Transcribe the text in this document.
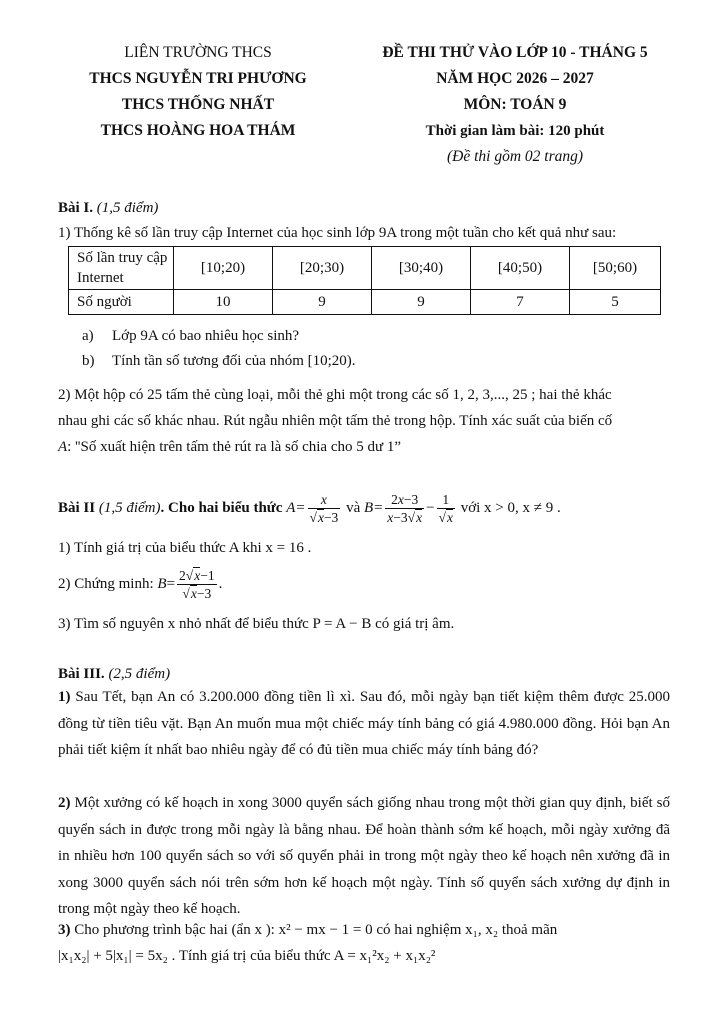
LIÊN TRƯỜNG THCS
THCS NGUYỄN TRI PHƯƠNG
THCS THỐNG NHẤT
THCS HOÀNG HOA THÁM
ĐỀ THI THỬ VÀO LỚP 10 - THÁNG 5
NĂM HỌC 2026 – 2027
MÔN: TOÁN 9
Thời gian làm bài: 120 phút
(Đề thi gồm 02 trang)
Bài I. (1,5 điểm)
1) Thống kê số lần truy cập Internet của học sinh lớp 9A trong một tuần cho kết quả như sau:
Số lần truy cập Internet	[10;20)	[20;30)	[30;40)	[40;50)	[50;60)
Số người	10	9	9	7	5
a) Lớp 9A có bao nhiêu học sinh?
b) Tính tần số tương đối của nhóm [10;20).
2) Một hộp có 25 tấm thẻ cùng loại, mỗi thẻ ghi một trong các số 1, 2, 3,..., 25 ; hai thẻ khác
nhau ghi các số khác nhau. Rút ngẫu nhiên một tấm thẻ trong hộp. Tính xác suất của biến cố
A: ''Số xuất hiện trên tấm thẻ rút ra là số chia cho 5 dư 1”
Bài II (1,5 điểm). Cho hai biểu thức $A= \frac{x}{√x-3}$ và $B= \frac{2x-3}{x-3√x} - \frac{1}{√x}$ với x > 0, x ≠ 9 .
1) Tính giá trị của biểu thức A khi x = 16 .
2) Chứng minh: $B= \frac{2√x-1}{√x-3}$ .
3) Tìm số nguyên x nhỏ nhất để biểu thức P = A − B có giá trị âm.
Bài III. (2,5 điểm)
1) Sau Tết, bạn An có 3.200.000 đồng tiền lì xì. Sau đó, mỗi ngày bạn tiết kiệm thêm được 25.000 đồng từ tiền tiêu vặt. Bạn An muốn mua một chiếc máy tính bảng có giá 4.980.000 đồng. Hỏi bạn An phải tiết kiệm ít nhất bao nhiêu ngày để có đủ tiền mua chiếc máy tính bảng đó?
2) Một xưởng có kế hoạch in xong 3000 quyển sách giống nhau trong một thời gian quy định, biết số quyển sách in được trong mỗi ngày là bằng nhau. Để hoàn thành sớm kế hoạch, mỗi ngày xưởng đã in nhiều hơn 100 quyển sách so với số quyển phải in trong một ngày theo kế hoạch nên xưởng đã in xong 3000 quyển sách nói trên sớm hơn kế hoạch một ngày. Tính số quyển sách xưởng dự định in trong một ngày theo kế hoạch.
3) Cho phương trình bậc hai (ẩn x ): x² − mx − 1 = 0 có hai nghiệm x₁, x₂ thoả mãn
|x₁x₂| + 5|x₁| = 5x₂ . Tính giá trị của biểu thức A = x₁²x₂ + x₁x₂²
